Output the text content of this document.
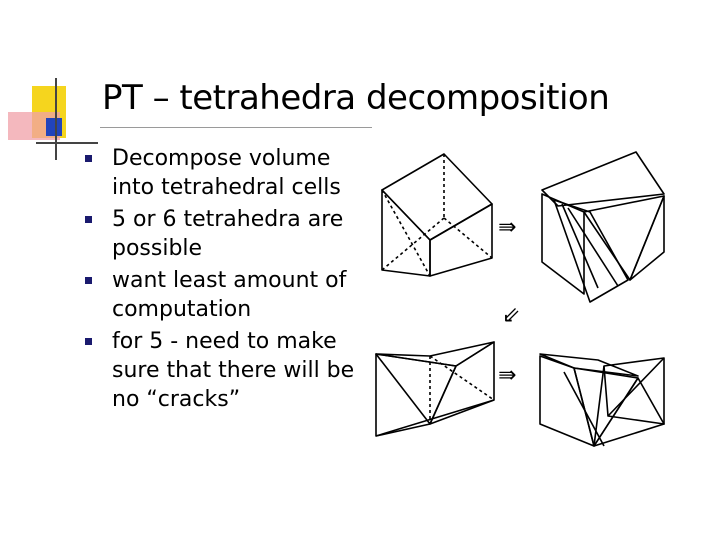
PT – tetrahedra decomposition
Decompose volume into tetrahedral cells
5 or 6 tetrahedra are possible
want least amount of computation
for 5 - need to make sure that there will be no “cracks”
⇛
⇙
⇛
